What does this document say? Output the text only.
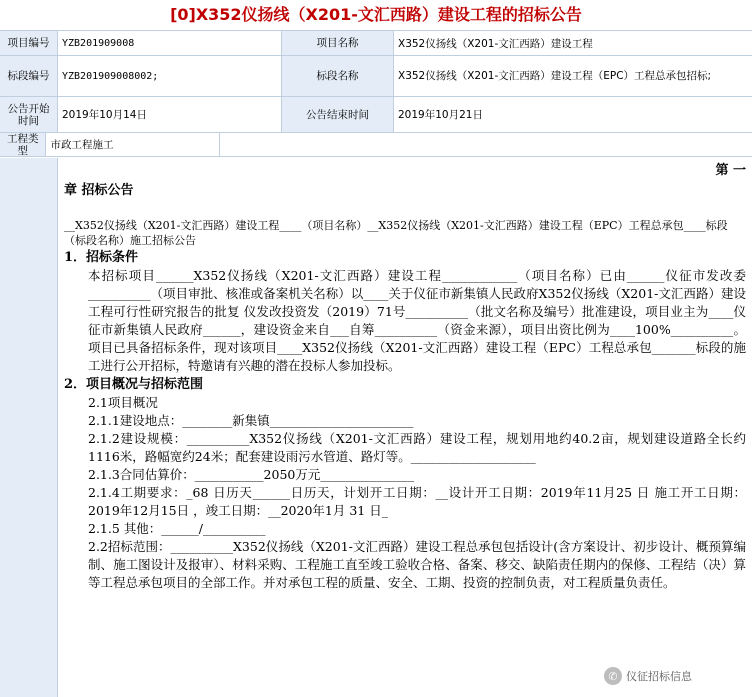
[0]X352仪扬线（X201-文汇西路）建设工程的招标公告
项目编号	YZB201909008	项目名称	X352仪扬线（X201-文汇西路）建设工程
标段编号	YZB201909008002;	标段名称	X352仪扬线（X201-文汇西路）建设工程（EPC）工程总承包招标;
公告开始时间	2019年10月14日	公告结束时间	2019年10月21日
工程类型	市政工程施工
第 一
章 招标公告
__X352仪扬线（X201-文汇西路）建设工程____（项目名称）__X352仪扬线（X201-文汇西路）建设工程（EPC）工程总承包____标段（标段名称）施工招标公告
1．招标条件
本招标项目______X352仪扬线（X201-文汇西路）建设工程____________（项目名称）已由______仪征市发改委__________（项目审批、核准或备案机关名称）以____关于仪征市新集镇人民政府X352仪扬线（X201-文汇西路）建设工程可行性研究报告的批复 仪发改投资发（2019）71号__________（批文名称及编号）批准建设，项目业主为____仪征市新集镇人民政府______，建设资金来自___自筹__________（资金来源），项目出资比例为____100%__________。项目已具备招标条件，现对该项目____X352仪扬线（X201-文汇西路）建设工程（EPC）工程总承包_______标段的施工进行公开招标，特邀请有兴趣的潜在投标人参加投标。
2．项目概况与招标范围
2.1项目概况
2.1.1建设地点：________新集镇_______________________
2.1.2建设规模：__________X352仪扬线（X201-文汇西路）建设工程，规划用地约40.2亩，规划建设道路全长约1116米，路幅宽约24米；配套建设雨污水管道、路灯等。____________________
2.1.3合同估算价：___________2050万元_______________
2.1.4工期要求：_68 日历天______日历天，计划开工日期：__设计开工日期：2019年11月25 日 施工开工日期：2019年12月15日 ，竣工日期：__2020年1月 31 日_
2.1.5 其他：______/__________
2.2招标范围：__________X352仪扬线（X201-文汇西路）建设工程总承包包括设计(含方案设计、初步设计、概预算编制、施工图设计及报审）、材料采购、工程施工直至竣工验收合格、备案、移交、缺陷责任期内的保修、工程结（决）算等工程总承包项目的全部工作。并对承包工程的质量、安全、工期、投资的控制负责，对工程质量负责任。
✆ 仪征招标信息
